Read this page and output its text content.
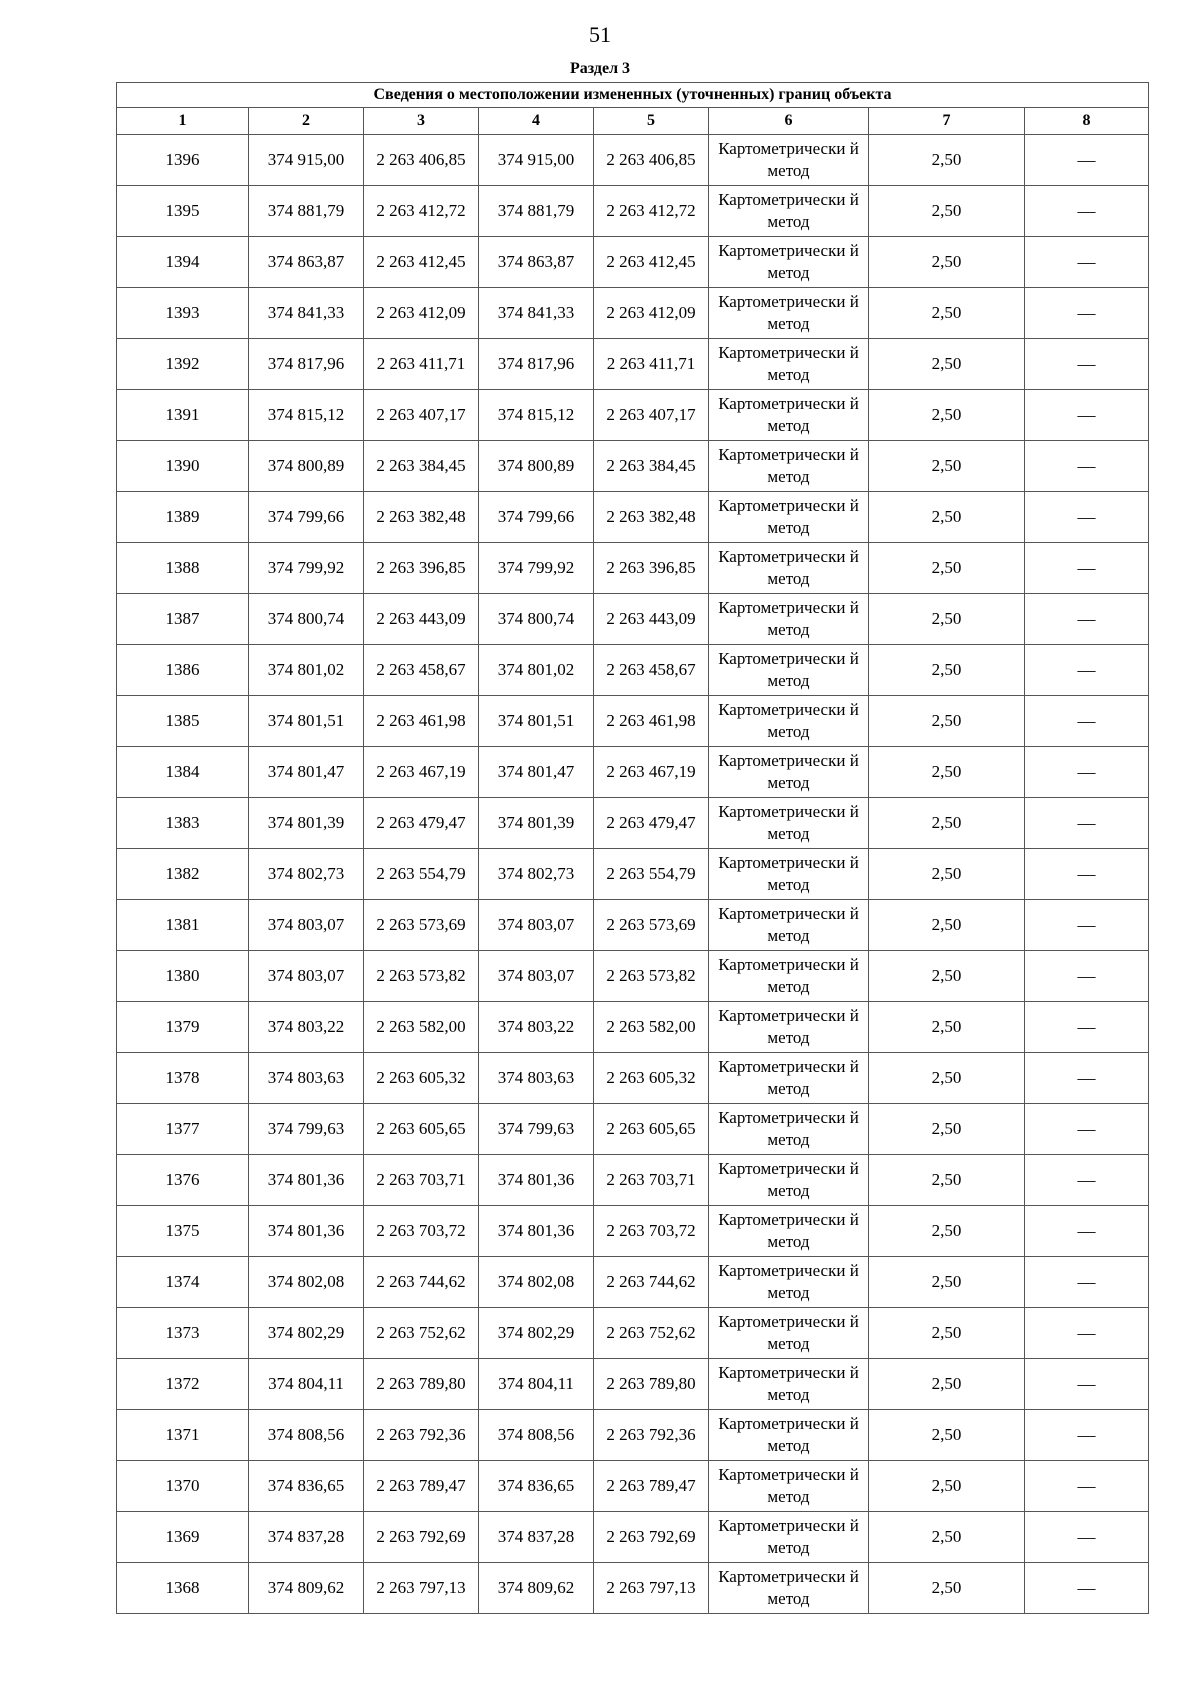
51
Раздел 3
Сведения о местоположении измененных (уточненных) границ объекта							
1	2	3	4	5	6	7	8
1396	374 915,00	2 263 406,85	374 915,00	2 263 406,85	Картометрически й метод	2,50	—
1395	374 881,79	2 263 412,72	374 881,79	2 263 412,72	Картометрически й метод	2,50	—
1394	374 863,87	2 263 412,45	374 863,87	2 263 412,45	Картометрически й метод	2,50	—
1393	374 841,33	2 263 412,09	374 841,33	2 263 412,09	Картометрически й метод	2,50	—
1392	374 817,96	2 263 411,71	374 817,96	2 263 411,71	Картометрически й метод	2,50	—
1391	374 815,12	2 263 407,17	374 815,12	2 263 407,17	Картометрически й метод	2,50	—
1390	374 800,89	2 263 384,45	374 800,89	2 263 384,45	Картометрически й метод	2,50	—
1389	374 799,66	2 263 382,48	374 799,66	2 263 382,48	Картометрически й метод	2,50	—
1388	374 799,92	2 263 396,85	374 799,92	2 263 396,85	Картометрически й метод	2,50	—
1387	374 800,74	2 263 443,09	374 800,74	2 263 443,09	Картометрически й метод	2,50	—
1386	374 801,02	2 263 458,67	374 801,02	2 263 458,67	Картометрически й метод	2,50	—
1385	374 801,51	2 263 461,98	374 801,51	2 263 461,98	Картометрически й метод	2,50	—
1384	374 801,47	2 263 467,19	374 801,47	2 263 467,19	Картометрически й метод	2,50	—
1383	374 801,39	2 263 479,47	374 801,39	2 263 479,47	Картометрически й метод	2,50	—
1382	374 802,73	2 263 554,79	374 802,73	2 263 554,79	Картометрически й метод	2,50	—
1381	374 803,07	2 263 573,69	374 803,07	2 263 573,69	Картометрически й метод	2,50	—
1380	374 803,07	2 263 573,82	374 803,07	2 263 573,82	Картометрически й метод	2,50	—
1379	374 803,22	2 263 582,00	374 803,22	2 263 582,00	Картометрически й метод	2,50	—
1378	374 803,63	2 263 605,32	374 803,63	2 263 605,32	Картометрически й метод	2,50	—
1377	374 799,63	2 263 605,65	374 799,63	2 263 605,65	Картометрически й метод	2,50	—
1376	374 801,36	2 263 703,71	374 801,36	2 263 703,71	Картометрически й метод	2,50	—
1375	374 801,36	2 263 703,72	374 801,36	2 263 703,72	Картометрически й метод	2,50	—
1374	374 802,08	2 263 744,62	374 802,08	2 263 744,62	Картометрически й метод	2,50	—
1373	374 802,29	2 263 752,62	374 802,29	2 263 752,62	Картометрически й метод	2,50	—
1372	374 804,11	2 263 789,80	374 804,11	2 263 789,80	Картометрически й метод	2,50	—
1371	374 808,56	2 263 792,36	374 808,56	2 263 792,36	Картометрически й метод	2,50	—
1370	374 836,65	2 263 789,47	374 836,65	2 263 789,47	Картометрически й метод	2,50	—
1369	374 837,28	2 263 792,69	374 837,28	2 263 792,69	Картометрически й метод	2,50	—
1368	374 809,62	2 263 797,13	374 809,62	2 263 797,13	Картометрически й метод	2,50	—
